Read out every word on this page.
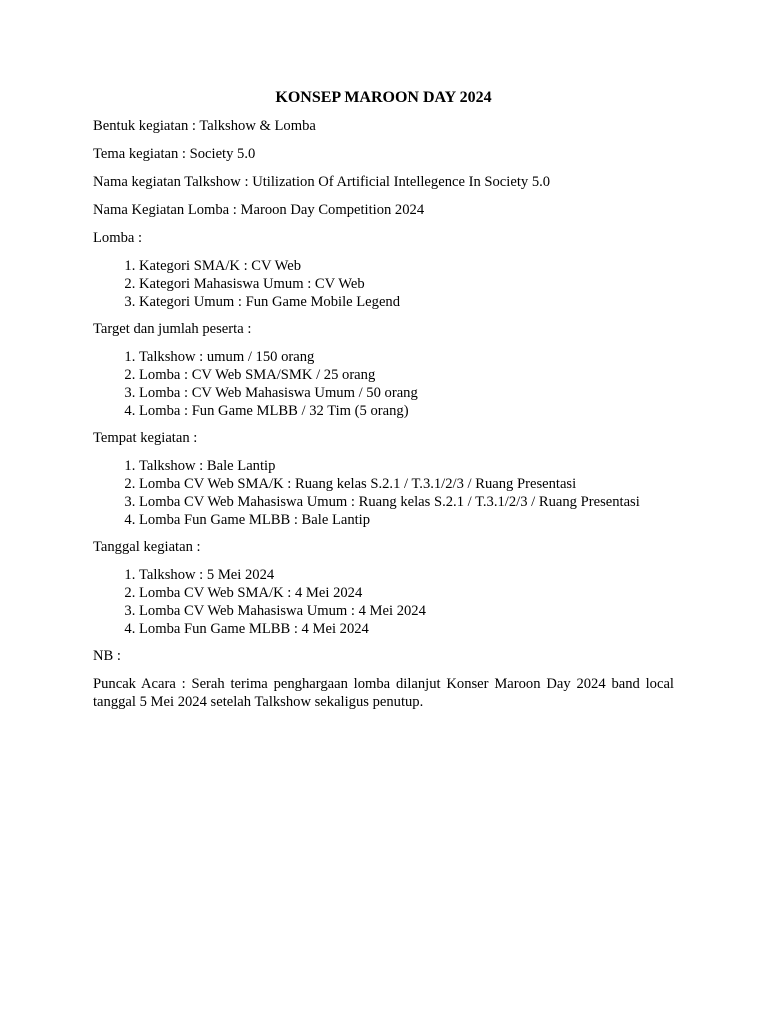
KONSEP MAROON DAY 2024

Bentuk kegiatan : Talkshow & Lomba

Tema kegiatan : Society 5.0

Nama kegiatan Talkshow : Utilization Of Artificial Intellegence In Society 5.0

Nama Kegiatan Lomba : Maroon Day Competition 2024

Lomba :

1. Kategori SMA/K : CV Web
2. Kategori Mahasiswa Umum : CV Web
3. Kategori Umum : Fun Game Mobile Legend

Target dan jumlah peserta :

1. Talkshow : umum / 150 orang
2. Lomba : CV Web SMA/SMK / 25 orang
3. Lomba : CV Web Mahasiswa Umum / 50 orang
4. Lomba : Fun Game MLBB / 32 Tim (5 orang)

Tempat kegiatan :

1. Talkshow : Bale Lantip
2. Lomba CV Web SMA/K : Ruang kelas S.2.1 / T.3.1/2/3 / Ruang Presentasi
3. Lomba CV Web Mahasiswa Umum : Ruang kelas S.2.1 / T.3.1/2/3 / Ruang Presentasi
4. Lomba Fun Game MLBB : Bale Lantip

Tanggal kegiatan :

1. Talkshow : 5 Mei 2024
2. Lomba CV Web SMA/K : 4 Mei 2024
3. Lomba CV Web Mahasiswa Umum : 4 Mei 2024
4. Lomba Fun Game MLBB : 4 Mei 2024

NB :

Puncak Acara : Serah terima penghargaan lomba dilanjut Konser Maroon Day 2024 band local tanggal 5 Mei 2024 setelah Talkshow sekaligus penutup.
